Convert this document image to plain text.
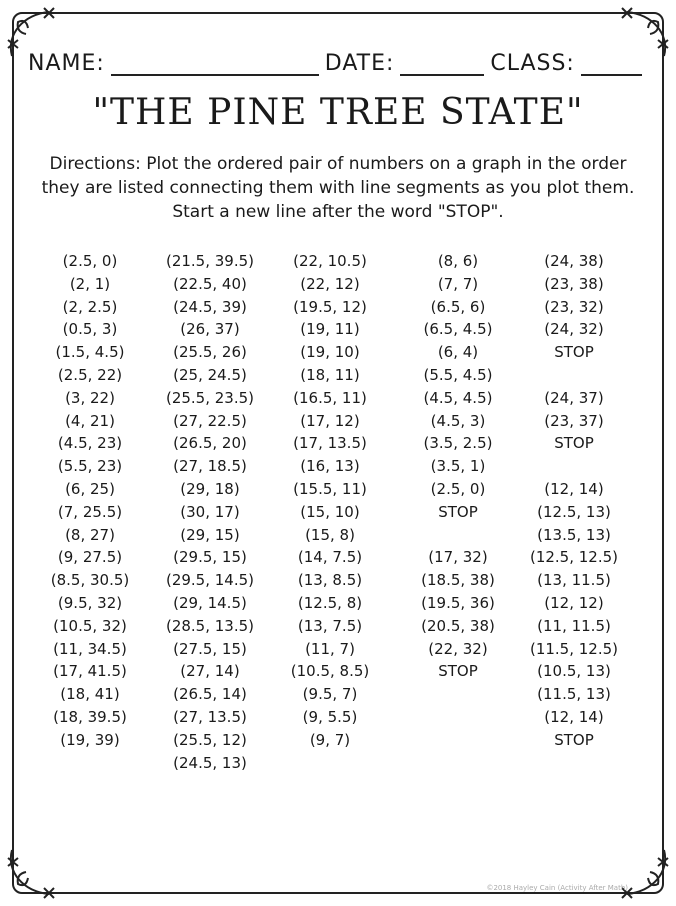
NAME:	DATE:	CLASS:
"THE PINE TREE STATE"
Directions: Plot the ordered pair of numbers on a graph in the order
they are listed connecting them with line segments as you plot them.
Start a new line after the word "STOP".
(2.5, 0)
(2, 1)
(2, 2.5)
(0.5, 3)
(1.5, 4.5)
(2.5, 22)
(3, 22)
(4, 21)
(4.5, 23)
(5.5, 23)
(6, 25)
(7, 25.5)
(8, 27)
(9, 27.5)
(8.5, 30.5)
(9.5, 32)
(10.5, 32)
(11, 34.5)
(17, 41.5)
(18, 41)
(18, 39.5)
(19, 39)
(21.5, 39.5)
(22.5, 40)
(24.5, 39)
(26, 37)
(25.5, 26)
(25, 24.5)
(25.5, 23.5)
(27, 22.5)
(26.5, 20)
(27, 18.5)
(29, 18)
(30, 17)
(29, 15)
(29.5, 15)
(29.5, 14.5)
(29, 14.5)
(28.5, 13.5)
(27.5, 15)
(27, 14)
(26.5, 14)
(27, 13.5)
(25.5, 12)
(24.5, 13)
(22, 10.5)
(22, 12)
(19.5, 12)
(19, 11)
(19, 10)
(18, 11)
(16.5, 11)
(17, 12)
(17, 13.5)
(16, 13)
(15.5, 11)
(15, 10)
(15, 8)
(14, 7.5)
(13, 8.5)
(12.5, 8)
(13, 7.5)
(11, 7)
(10.5, 8.5)
(9.5, 7)
(9, 5.5)
(9, 7)
(8, 6)
(7, 7)
(6.5, 6)
(6.5, 4.5)
(6, 4)
(5.5, 4.5)
(4.5, 4.5)
(4.5, 3)
(3.5, 2.5)
(3.5, 1)
(2.5, 0)
STOP
(17, 32)
(18.5, 38)
(19.5, 36)
(20.5, 38)
(22, 32)
STOP
(24, 38)
(23, 38)
(23, 32)
(24, 32)
STOP
(24, 37)
(23, 37)
STOP
(12, 14)
(12.5, 13)
(13.5, 13)
(12.5, 12.5)
(13, 11.5)
(12, 12)
(11, 11.5)
(11.5, 12.5)
(10.5, 13)
(11.5, 13)
(12, 14)
STOP
©2018 Hayley Cain (Activity After Math)
